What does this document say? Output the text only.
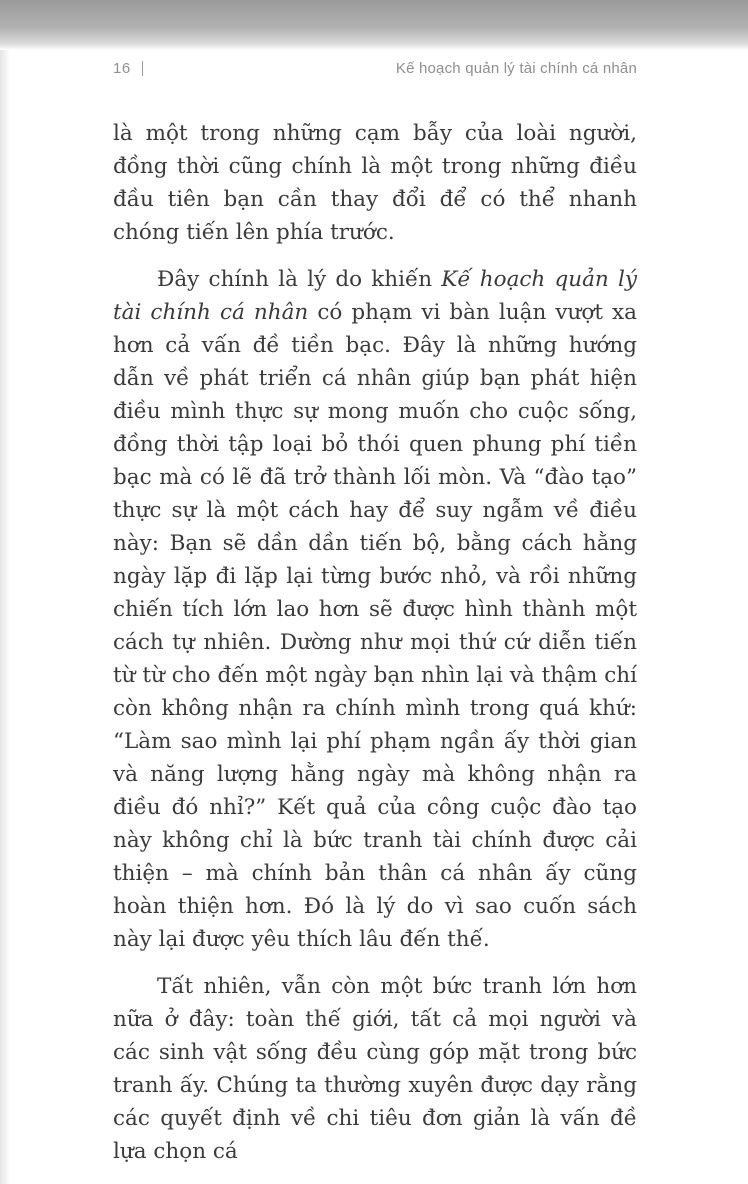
16	Kế hoạch quản lý tài chính cá nhân

là một trong những cạm bẫy của loài người, đồng thời cũng chính là một trong những điều đầu tiên bạn cần thay đổi để có thể nhanh chóng tiến lên phía trước.

Đây chính là lý do khiến Kế hoạch quản lý tài chính cá nhân có phạm vi bàn luận vượt xa hơn cả vấn đề tiền bạc. Đây là những hướng dẫn về phát triển cá nhân giúp bạn phát hiện điều mình thực sự mong muốn cho cuộc sống, đồng thời tập loại bỏ thói quen phung phí tiền bạc mà có lẽ đã trở thành lối mòn. Và “đào tạo” thực sự là một cách hay để suy ngẫm về điều này: Bạn sẽ dần dần tiến bộ, bằng cách hằng ngày lặp đi lặp lại từng bước nhỏ, và rồi những chiến tích lớn lao hơn sẽ được hình thành một cách tự nhiên. Dường như mọi thứ cứ diễn tiến từ từ cho đến một ngày bạn nhìn lại và thậm chí còn không nhận ra chính mình trong quá khứ: “Làm sao mình lại phí phạm ngần ấy thời gian và năng lượng hằng ngày mà không nhận ra điều đó nhỉ?” Kết quả của công cuộc đào tạo này không chỉ là bức tranh tài chính được cải thiện – mà chính bản thân cá nhân ấy cũng hoàn thiện hơn. Đó là lý do vì sao cuốn sách này lại được yêu thích lâu đến thế.

Tất nhiên, vẫn còn một bức tranh lớn hơn nữa ở đây: toàn thế giới, tất cả mọi người và các sinh vật sống đều cùng góp mặt trong bức tranh ấy. Chúng ta thường xuyên được dạy rằng các quyết định về chi tiêu đơn giản là vấn đề lựa chọn cá
